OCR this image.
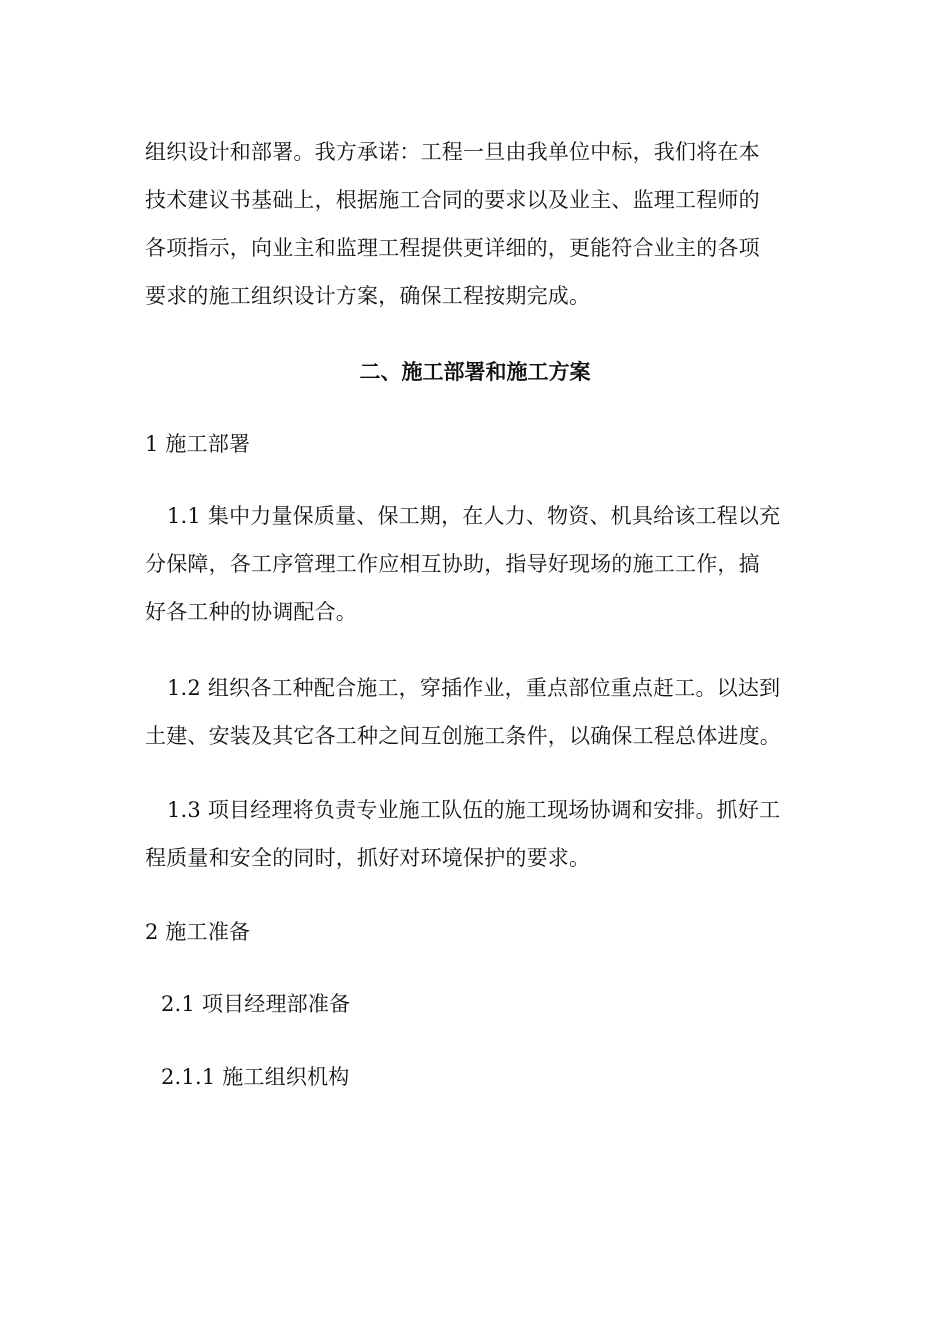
组织设计和部署。我方承诺：工程一旦由我单位中标，我们将在本
技术建议书基础上，根据施工合同的要求以及业主、监理工程师的
各项指示，向业主和监理工程提供更详细的，更能符合业主的各项
要求的施工组织设计方案，确保工程按期完成。
二、施工部署和施工方案
1 施工部署
1.1 集中力量保质量、保工期，在人力、物资、机具给该工程以充
分保障，各工序管理工作应相互协助，指导好现场的施工工作，搞
好各工种的协调配合。
1.2 组织各工种配合施工，穿插作业，重点部位重点赶工。以达到
土建、安装及其它各工种之间互创施工条件，以确保工程总体进度。
1.3 项目经理将负责专业施工队伍的施工现场协调和安排。抓好工
程质量和安全的同时，抓好对环境保护的要求。
2 施工准备
2.1 项目经理部准备
2.1.1 施工组织机构
